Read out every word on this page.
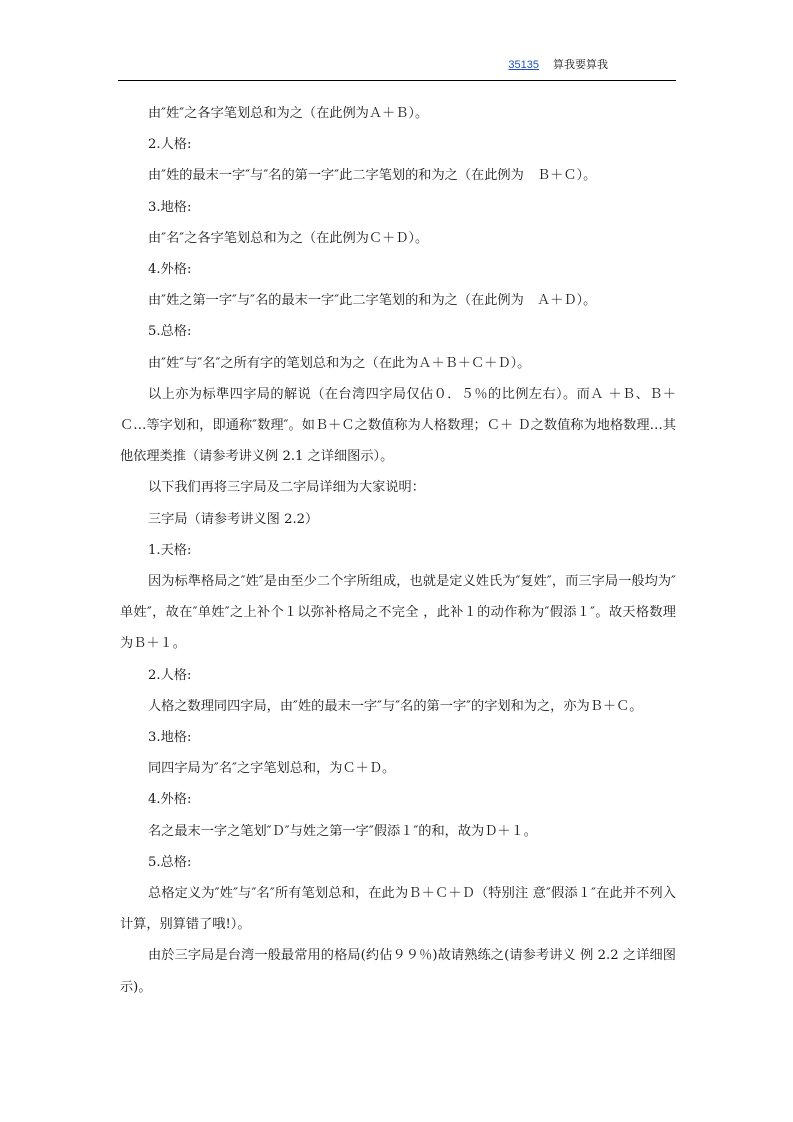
35135 算我要算我

由″姓″之各字笔划总和为之（在此例为Ａ＋Ｂ）。

2.人格:

由″姓的最末一字″与″名的第一字″此二字笔划的和为之（在此例为　Ｂ＋Ｃ）。

3.地格:

由″名″之各字笔划总和为之（在此例为Ｃ＋Ｄ）。

4.外格:

由″姓之第一字″与″名的最末一字″此二字笔划的和为之（在此例为　Ａ＋Ｄ）。

5.总格:

由″姓″与″名″之所有字的笔划总和为之（在此为Ａ＋Ｂ＋Ｃ＋Ｄ）。

以上亦为标準四字局的解说（在台湾四字局仅佔０．５％的比例左右）。而Ａ ＋Ｂ、Ｂ＋Ｃ…等字划和，即通称″数理″。如Ｂ＋Ｃ之数值称为人格数理；Ｃ＋ Ｄ之数值称为地格数理…其他依理类推（请参考讲义例 2.1 之详细图示）。

以下我们再将三字局及二字局详细为大家说明：

三字局（请参考讲义图 2.2）

1.天格:

因为标準格局之″姓″是由至少二个字所组成，也就是定义姓氏为″复姓″，而三字局一般均为″单姓″，故在″单姓″之上补个１以弥补格局之不完全 ，此补１的动作称为″假添１″。故天格数理为Ｂ＋１。

2.人格:

人格之数理同四字局，由″姓的最末一字″与″名的第一字″的字划和为之，亦为Ｂ＋Ｃ。

3.地格:

同四字局为″名″之字笔划总和，为Ｃ＋Ｄ。

4.外格:

名之最末一字之笔划″Ｄ″与姓之第一字″假添１″的和，故为Ｄ＋１。

5.总格:

总格定义为″姓″与″名″所有笔划总和，在此为Ｂ＋Ｃ＋Ｄ（特别注 意″假添１″在此并不列入计算，别算错了哦!）。

由於三字局是台湾一般最常用的格局(约佔９９％)故请熟练之(请参考讲义 例 2.2 之详细图示)。
